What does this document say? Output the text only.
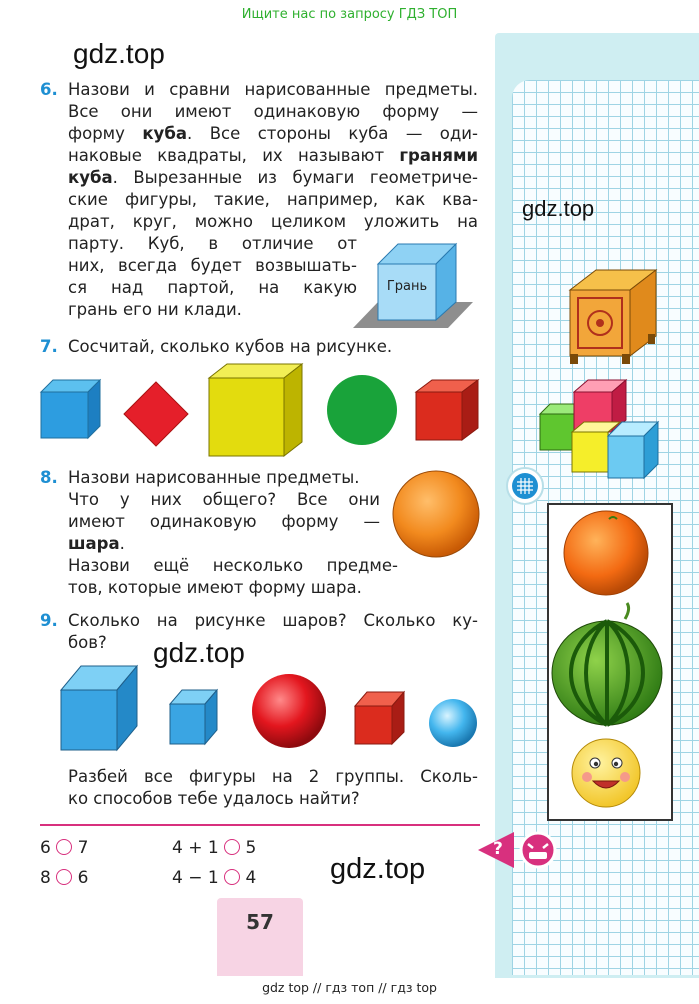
Ищите нас по запросу ГДЗ ТОП
gdz.top
gdz.top
gdz.top
gdz.top
6. Назови и сравни нарисованные предметы.
Все они имеют одинаковую форму —
форму куба. Все стороны куба — оди-
наковые квадраты, их называют гранями
куба. Вырезанные из бумаги геометриче-
ские фигуры, такие, например, как ква-
драт, круг, можно целиком уложить на
парту. Куб, в отличие от
них, всегда будет возвышать-
ся над партой, на какую
грань его ни клади.
Грань
7. Сосчитай, сколько кубов на рисунке.
8. Назови нарисованные предметы.
Что у них общего? Все они
имеют одинаковую форму —
шара.
Назови ещё несколько предме-
тов, которые имеют форму шара.
9. Сколько на рисунке шаров? Сколько ку-
бов?
Разбей все фигуры на 2 группы. Сколь-
ко способов тебе удалось найти?
6 7
8 6
4 + 1 5
4 − 1 4
?
57
gdz top // гдз топ // гдз top
